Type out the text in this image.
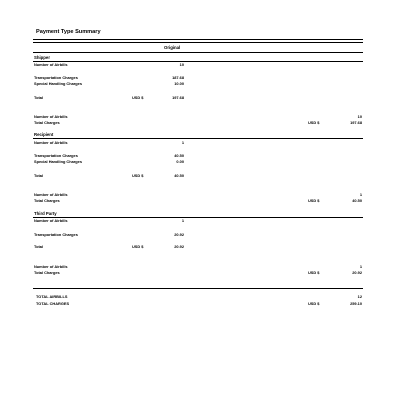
Payment Type Summary
Original
Shipper
Number of Airbills	10
Transportation Charges	187.68
Special Handling Charges	10.00
Total	USD $	197.68
Number of Airbills	10
Total Charges	USD $	197.68
Recipient
Number of Airbills	1
Transportation Charges	40.50
Special Handling Charges	0.00
Total	USD $	40.50
Number of Airbills	1
Total Charges	USD $	40.50
Third Party
Number of Airbills	1
Transportation Charges	20.92
Total	USD $	20.92
Number of Airbills	1
Total Charges	USD $	20.92
TOTAL AIRBILLS	12
TOTAL CHARGES	USD $	259.10
